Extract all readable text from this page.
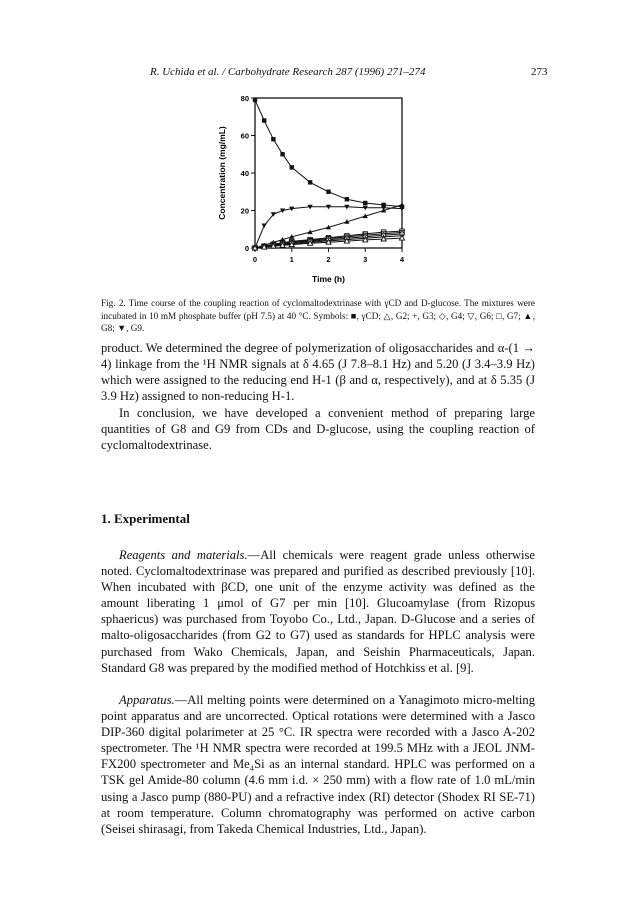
R. Uchida et al. / Carbohydrate Research 287 (1996) 271–274	273
0
20
40
60
80
0	1	2	3	4
Time (h)
Concentration (mg/mL)
Fig. 2. Time course of the coupling reaction of cyclomaltodextrinase with γCD and D-glucose. The mixtures were incubated in 10 mM phosphate buffer (pH 7.5) at 40 °C. Symbols: ■, γCD; △, G2; +, G3; ◇, G4; ▽, G6; □, G7; ▲, G8; ▼, G9.

product. We determined the degree of polymerization of oligosaccharides and α-(1 → 4) linkage from the ¹H NMR signals at δ 4.65 (J 7.8–8.1 Hz) and 5.20 (J 3.4–3.9 Hz) which were assigned to the reducing end H-1 (β and α, respectively), and at δ 5.35 (J 3.9 Hz) assigned to non-reducing H-1.

In conclusion, we have developed a convenient method of preparing large quantities of G8 and G9 from CDs and D-glucose, using the coupling reaction of cyclomaltodextrinase.

1. Experimental

Reagents and materials.—All chemicals were reagent grade unless otherwise noted. Cyclomaltodextrinase was prepared and purified as described previously [10]. When incubated with βCD, one unit of the enzyme activity was defined as the amount liberating 1 μmol of G7 per min [10]. Glucoamylase (from Rizopus sphaericus) was purchased from Toyobo Co., Ltd., Japan. D-Glucose and a series of malto-oligosaccharides (from G2 to G7) used as standards for HPLC analysis were purchased from Wako Chemicals, Japan, and Seishin Pharmaceuticals, Japan. Standard G8 was prepared by the modified method of Hotchkiss et al. [9].

Apparatus.—All melting points were determined on a Yanagimoto micro-melting point apparatus and are uncorrected. Optical rotations were determined with a Jasco DIP-360 digital polarimeter at 25 °C. IR spectra were recorded with a Jasco A-202 spectrometer. The ¹H NMR spectra were recorded at 199.5 MHz with a JEOL JNM-FX200 spectrometer and Me₄Si as an internal standard. HPLC was performed on a TSK gel Amide-80 column (4.6 mm i.d. × 250 mm) with a flow rate of 1.0 mL/min using a Jasco pump (880-PU) and a refractive index (RI) detector (Shodex RI SE-71) at room temperature. Column chromatography was performed on active carbon (Seisei shirasagi, from Takeda Chemical Industries, Ltd., Japan).
